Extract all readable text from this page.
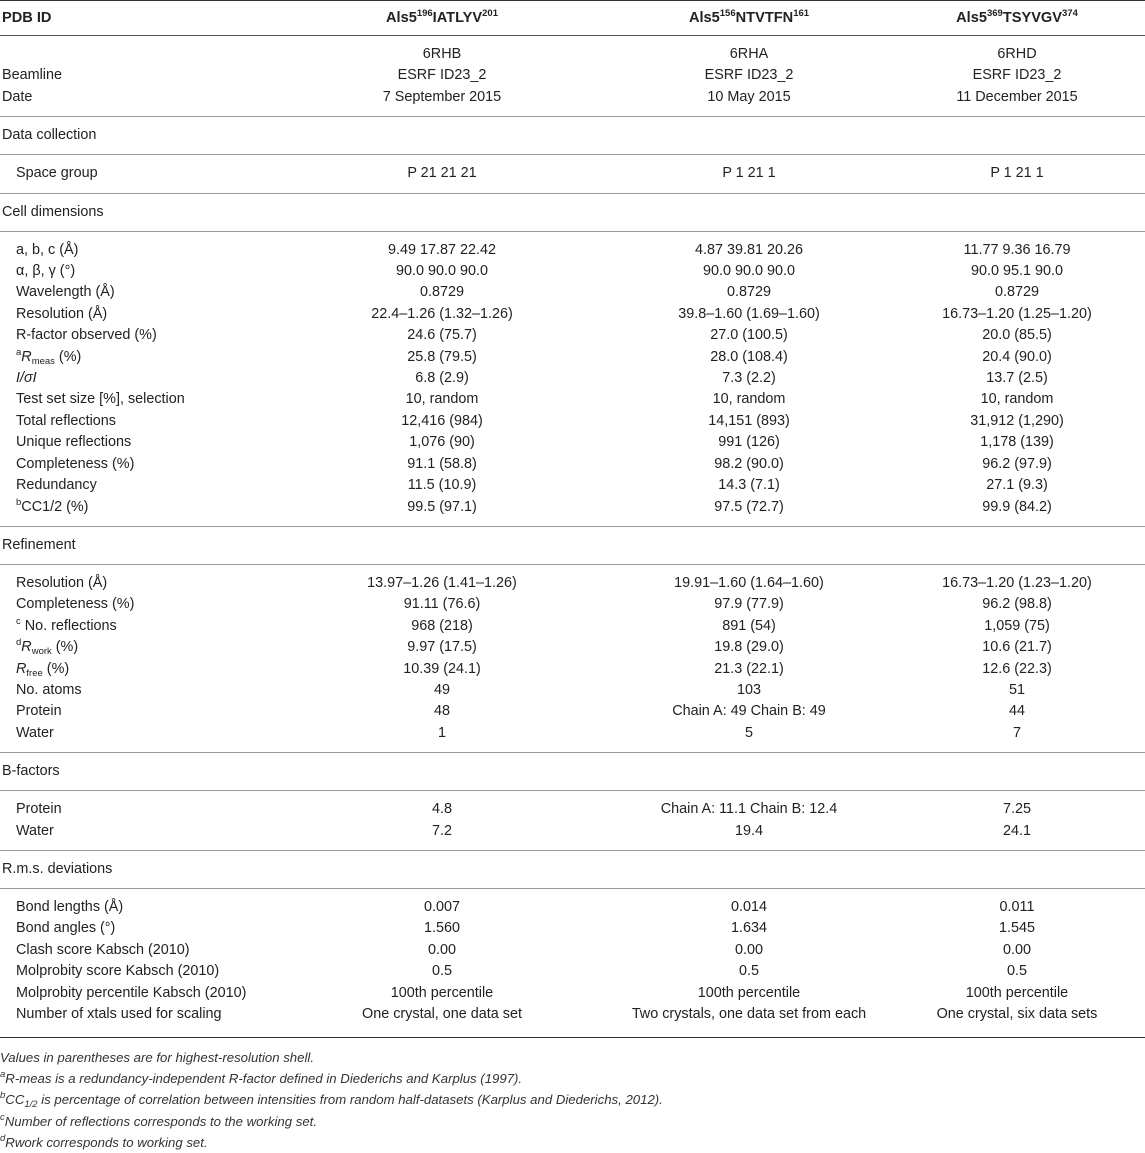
PDB ID	$Als5^{196}IATLYV^{201}$	$Als5^{156}NTVTFN^{161}$	$Als5^{369}TSYVGV^{374}$

	6RHB	6RHA	6RHD
Beamline	ESRF ID23_2	ESRF ID23_2	ESRF ID23_2
Date	7 September 2015	10 May 2015	11 December 2015

Data collection			

Space group	P 21 21 21	P 1 21 1	P 1 21 1

Cell dimensions			

a, b, c (Å)	9.49 17.87 22.42	4.87 39.81 20.26	11.77 9.36 16.79
α, β, γ (°)	90.0 90.0 90.0	90.0 90.0 90.0	90.0 95.1 90.0
Wavelength (Å)	0.8729	0.8729	0.8729
Resolution (Å)	22.4–1.26 (1.32–1.26)	39.8–1.60 (1.69–1.60)	16.73–1.20 (1.25–1.20)
R-factor observed (%)	24.6 (75.7)	27.0 (100.5)	20.0 (85.5)
$^aR_{meas}$ (%)	25.8 (79.5)	28.0 (108.4)	20.4 (90.0)
I/σI	6.8 (2.9)	7.3 (2.2)	13.7 (2.5)
Test set size [%], selection	10, random	10, random	10, random
Total reflections	12,416 (984)	14,151 (893)	31,912 (1,290)
Unique reflections	1,076 (90)	991 (126)	1,178 (139)
Completeness (%)	91.1 (58.8)	98.2 (90.0)	96.2 (97.9)
Redundancy	11.5 (10.9)	14.3 (7.1)	27.1 (9.3)
$^b$CC1/2 (%)	99.5 (97.1)	97.5 (72.7)	99.9 (84.2)

Refinement			

Resolution (Å)	13.97–1.26 (1.41–1.26)	19.91–1.60 (1.64–1.60)	16.73–1.20 (1.23–1.20)
Completeness (%)	91.11 (76.6)	97.9 (77.9)	96.2 (98.8)
$^c$ No. reflections	968 (218)	891 (54)	1,059 (75)
$^dR_{work}$ (%)	9.97 (17.5)	19.8 (29.0)	10.6 (21.7)
$R_{free}$ (%)	10.39 (24.1)	21.3 (22.1)	12.6 (22.3)
No. atoms	49	103	51
Protein	48	Chain A: 49 Chain B: 49	44
Water	1	5	7

B-factors			

Protein	4.8	Chain A: 11.1 Chain B: 12.4	7.25
Water	7.2	19.4	24.1

R.m.s. deviations			

Bond lengths (Å)	0.007	0.014	0.011
Bond angles (°)	1.560	1.634	1.545
Clash score Kabsch (2010)	0.00	0.00	0.00
Molprobity score Kabsch (2010)	0.5	0.5	0.5
Molprobity percentile Kabsch (2010)	100th percentile	100th percentile	100th percentile
Number of xtals used for scaling	One crystal, one data set	Two crystals, one data set from each	One crystal, six data sets

Values in parentheses are for highest-resolution shell.
$^a$R-meas is a redundancy-independent R-factor defined in Diederichs and Karplus (1997).
$^bCC_{1/2}$ is percentage of correlation between intensities from random half-datasets (Karplus and Diederichs, 2012).
$^c$Number of reflections corresponds to the working set.
$^d$Rwork corresponds to working set.
